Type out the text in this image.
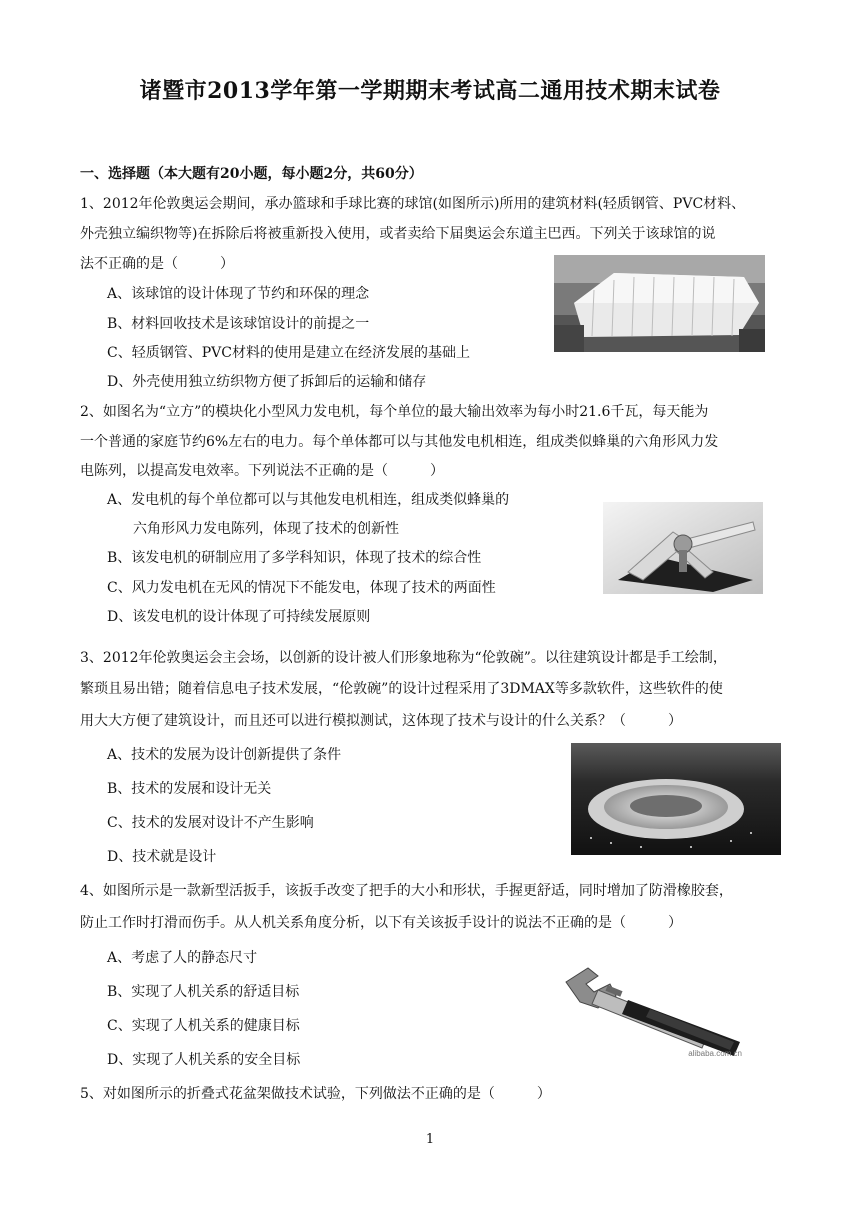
诸暨市2013学年第一学期期末考试高二通用技术期末试卷
一、选择题（本大题有20小题，每小题2分，共60分）
1、2012年伦敦奥运会期间，承办篮球和手球比赛的球馆(如图所示)所用的建筑材料(轻质钢管、PVC材料、
外壳独立编织物等)在拆除后将被重新投入使用，或者卖给下届奥运会东道主巴西。下列关于该球馆的说
法不正确的是（　　　）
A、该球馆的设计体现了节约和环保的理念
B、材料回收技术是该球馆设计的前提之一
C、轻质钢管、PVC材料的使用是建立在经济发展的基础上
D、外壳使用独立纺织物方便了拆卸后的运输和储存
2、如图名为“立方”的模块化小型风力发电机，每个单位的最大输出效率为每小时21.6千瓦，每天能为
一个普通的家庭节约6%左右的电力。每个单体都可以与其他发电机相连，组成类似蜂巢的六角形风力发
电陈列，以提高发电效率。下列说法不正确的是（　　　）
A、发电机的每个单位都可以与其他发电机相连，组成类似蜂巢的
六角形风力发电陈列，体现了技术的创新性
B、该发电机的研制应用了多学科知识，体现了技术的综合性
C、风力发电机在无风的情况下不能发电，体现了技术的两面性
D、该发电机的设计体现了可持续发展原则
3、2012年伦敦奥运会主会场，以创新的设计被人们形象地称为“伦敦碗”。以往建筑设计都是手工绘制，
繁琐且易出错；随着信息电子技术发展，“伦敦碗”的设计过程采用了3DMAX等多款软件，这些软件的使
用大大方便了建筑设计，而且还可以进行模拟测试，这体现了技术与设计的什么关系？（　　　）
A、技术的发展为设计创新提供了条件
B、技术的发展和设计无关
C、技术的发展对设计不产生影响
D、技术就是设计
4、如图所示是一款新型活扳手，该扳手改变了把手的大小和形状，手握更舒适，同时增加了防滑橡胶套，
防止工作时打滑而伤手。从人机关系角度分析，以下有关该扳手设计的说法不正确的是（　　　）
A、考虑了人的静态尺寸
B、实现了人机关系的舒适目标
C、实现了人机关系的健康目标
D、实现了人机关系的安全目标	alibaba.com.cn
5、对如图所示的折叠式花盆架做技术试验，下列做法不正确的是（　　　）
1
